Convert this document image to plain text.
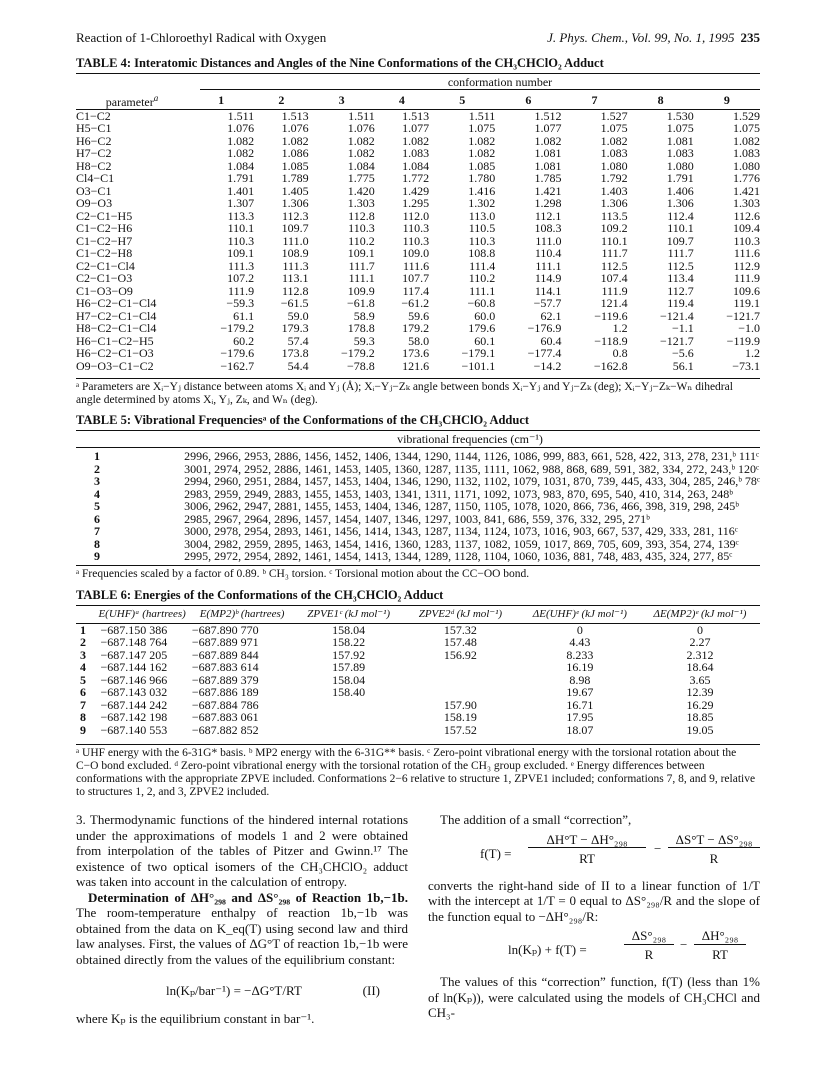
Reaction of 1-Chloroethyl Radical with Oxygen	J. Phys. Chem., Vol. 99, No. 1, 1995 235
TABLE 4: Interatomic Distances and Angles of the Nine Conformations of the CH₃CHClO₂ Adduct
conformation number
parameter$^a$	1	2	3	4	5	6	7	8	9
C1−C2	1.511	1.513	1.511	1.513	1.511	1.512	1.527	1.530	1.529
H5−C1	1.076	1.076	1.076	1.077	1.075	1.077	1.075	1.075	1.075
H6−C2	1.082	1.082	1.082	1.082	1.082	1.082	1.082	1.081	1.082
H7−C2	1.082	1.086	1.082	1.083	1.082	1.081	1.083	1.083	1.083
H8−C2	1.084	1.085	1.084	1.084	1.085	1.081	1.080	1.080	1.080
Cl4−C1	1.791	1.789	1.775	1.772	1.780	1.785	1.792	1.791	1.776
O3−C1	1.401	1.405	1.420	1.429	1.416	1.421	1.403	1.406	1.421
O9−O3	1.307	1.306	1.303	1.295	1.302	1.298	1.306	1.306	1.303
C2−C1−H5	113.3	112.3	112.8	112.0	113.0	112.1	113.5	112.4	112.6
C1−C2−H6	110.1	109.7	110.3	110.3	110.5	108.3	109.2	110.1	109.4
C1−C2−H7	110.3	111.0	110.2	110.3	110.3	111.0	110.1	109.7	110.3
C1−C2−H8	109.1	108.9	109.1	109.0	108.8	110.4	111.7	111.7	111.6
C2−C1−Cl4	111.3	111.3	111.7	111.6	111.4	111.1	112.5	112.5	112.9
C2−C1−O3	107.2	113.1	111.1	107.7	110.2	114.9	107.4	113.4	111.9
C1−O3−O9	111.9	112.8	109.9	117.4	111.1	114.1	111.9	112.7	109.6
H6−C2−C1−Cl4	−59.3	−61.5	−61.8	−61.2	−60.8	−57.7	121.4	119.4	119.1
H7−C2−C1−Cl4	61.1	59.0	58.9	59.6	60.0	62.1	−119.6	−121.4	−121.7
H8−C2−C1−Cl4	−179.2	179.3	178.8	179.2	179.6	−176.9	1.2	−1.1	−1.0
H6−C1−C2−H5	60.2	57.4	59.3	58.0	60.1	60.4	−118.9	−121.7	−119.9
H6−C2−C1−O3	−179.6	173.8	−179.2	173.6	−179.1	−177.4	0.8	−5.6	1.2
O9−O3−C1−C2	−162.7	54.4	−78.8	121.6	−101.1	−14.2	−162.8	56.1	−73.1
ᵃ Parameters are Xᵢ−Yⱼ distance between atoms Xᵢ and Yⱼ (Å); Xᵢ−Yⱼ−Zₖ angle between bonds Xᵢ−Yⱼ and Yⱼ−Zₖ (deg); Xᵢ−Yⱼ−Zₖ−Wₙ dihedral angle determined by atoms Xᵢ, Yⱼ, Zₖ, and Wₙ (deg).
TABLE 5: Vibrational Frequenciesᵃ of the Conformations of the CH₃CHClO₂ Adduct
vibrational frequencies (cm⁻¹)
1	2996, 2966, 2953, 2886, 1456, 1452, 1406, 1344, 1290, 1144, 1126, 1086, 999, 883, 661, 528, 422, 313, 278, 231,ᵇ 111ᶜ
2	3001, 2974, 2952, 2886, 1461, 1453, 1405, 1360, 1287, 1135, 1111, 1062, 988, 868, 689, 591, 382, 334, 272, 243,ᵇ 120ᶜ
3	2994, 2960, 2951, 2884, 1457, 1453, 1404, 1346, 1290, 1132, 1102, 1079, 1031, 870, 739, 445, 433, 304, 285, 246,ᵇ 78ᶜ
4	2983, 2959, 2949, 2883, 1455, 1453, 1403, 1341, 1311, 1171, 1092, 1073, 983, 870, 695, 540, 410, 314, 263, 248ᵇ
5	3006, 2962, 2947, 2881, 1455, 1453, 1404, 1346, 1287, 1150, 1105, 1078, 1020, 866, 736, 466, 398, 319, 298, 245ᵇ
6	2985, 2967, 2964, 2896, 1457, 1454, 1407, 1346, 1297, 1003, 841, 686, 559, 376, 332, 295, 271ᵇ
7	3000, 2978, 2954, 2893, 1461, 1456, 1414, 1343, 1287, 1134, 1124, 1073, 1016, 903, 667, 537, 429, 333, 281, 116ᶜ
8	3004, 2982, 2959, 2895, 1463, 1454, 1416, 1360, 1283, 1137, 1082, 1059, 1017, 869, 705, 609, 393, 354, 274, 139ᶜ
9	2995, 2972, 2954, 2892, 1461, 1454, 1413, 1344, 1289, 1128, 1104, 1060, 1036, 881, 748, 483, 435, 324, 277, 85ᶜ
ᵃ Frequencies scaled by a factor of 0.89. ᵇ CH₃ torsion. ᶜ Torsional motion about the CC−OO bond.
TABLE 6: Energies of the Conformations of the CH₃CHClO₂ Adduct
	E(UHF)ᵃ (hartrees)	E(MP2)ᵇ (hartrees)	ZPVE1ᶜ (kJ mol⁻¹)	ZPVE2ᵈ (kJ mol⁻¹)	ΔE(UHF)ᵉ (kJ mol⁻¹)	ΔE(MP2)ᵉ (kJ mol⁻¹)
1	−687.150 386	−687.890 770	158.04	157.32	0	0
2	−687.148 764	−687.889 971	158.22	157.48	4.43	2.27
3	−687.147 205	−687.889 844	157.92	156.92	8.233	2.312
4	−687.144 162	−687.883 614	157.89		16.19	18.64
5	−687.146 966	−687.889 379	158.04		8.98	3.65
6	−687.143 032	−687.886 189	158.40		19.67	12.39
7	−687.144 242	−687.884 786		157.90	16.71	16.29
8	−687.142 198	−687.883 061		158.19	17.95	18.85
9	−687.140 553	−687.882 852		157.52	18.07	19.05
ᵃ UHF energy with the 6-31G* basis. ᵇ MP2 energy with the 6-31G** basis. ᶜ Zero-point vibrational energy with the torsional rotation about the C−O bond excluded. ᵈ Zero-point vibrational energy with the torsional rotation of the CH₃ group excluded. ᵉ Energy differences between conformations with the appropriate ZPVE included. Conformations 2−6 relative to structure 1, ZPVE1 included; conformations 7, 8, and 9, relative to structures 1, 2, and 3, ZPVE2 included.

3. Thermodynamic functions of the hindered internal rotations under the approximations of models 1 and 2 were obtained from interpolation of the tables of Pitzer and Gwinn.¹⁷ The existence of two optical isomers of the CH₃CHClO₂ adduct was taken into account in the calculation of entropy.

Determination of ΔH°₂₉₈ and ΔS°₂₉₈ of Reaction 1b,−1b. The room-temperature enthalpy of reaction 1b,−1b was obtained from the data on K_eq(T) using second law and third law analyses. First, the values of ΔG°T of reaction 1b,−1b were obtained directly from the values of the equilibrium constant:

ln(Kₚ/bar⁻¹) = −ΔG°T/RT	(II)

where Kₚ is the equilibrium constant in bar⁻¹.

The addition of a small “correction”,

f(T) =
ΔH°T − ΔH°₂₉₈
RT
−
ΔS°T − ΔS°₂₉₈
R

converts the right-hand side of II to a linear function of 1/T with the intercept at 1/T = 0 equal to ΔS°₂₉₈/R and the slope of the function equal to −ΔH°₂₉₈/R:

ln(Kₚ) + f(T) =
ΔS°₂₉₈
R
−
ΔH°₂₉₈
RT

The values of this “correction” function, f(T) (less than 1% of ln(Kₚ)), were calculated using the models of CH₃CHCl and CH₃-
